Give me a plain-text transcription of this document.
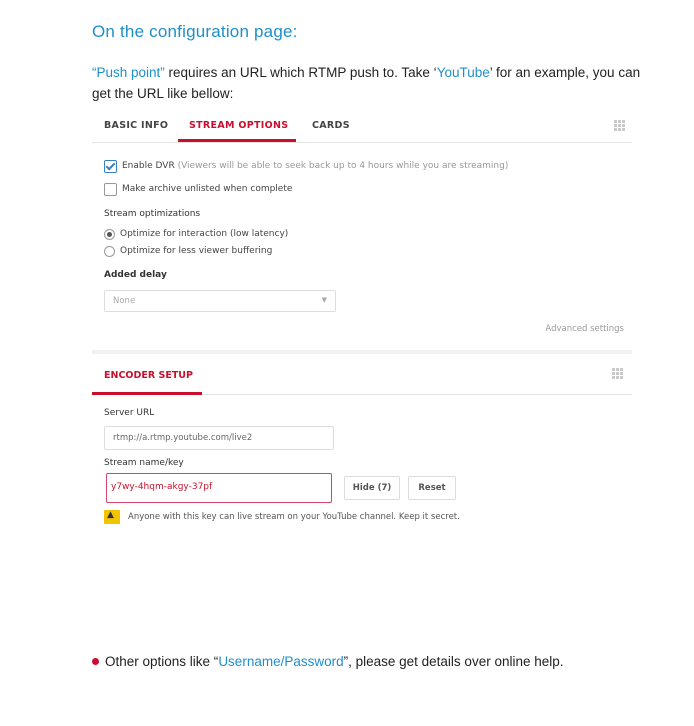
On the configuration page:
“Push point” requires an URL which RTMP push to. Take ‘YouTube’ for an example, you can get the URL like bellow:
BASIC INFO STREAM OPTIONS CARDS
Enable DVR (Viewers will be able to seek back up to 4 hours while you are streaming)
Make archive unlisted when complete
Stream optimizations
Optimize for interaction (low latency)
Optimize for less viewer buffering
Added delay
None	▼
Advanced settings
ENCODER SETUP
Server URL
rtmp://a.rtmp.youtube.com/live2
Stream name/key
y7wy-4hqm-akgy-37pf	Hide (7)	Reset
▲
Anyone with this key can live stream on your YouTube channel. Keep it secret.
Other options like “Username/Password”, please get details over online help.
